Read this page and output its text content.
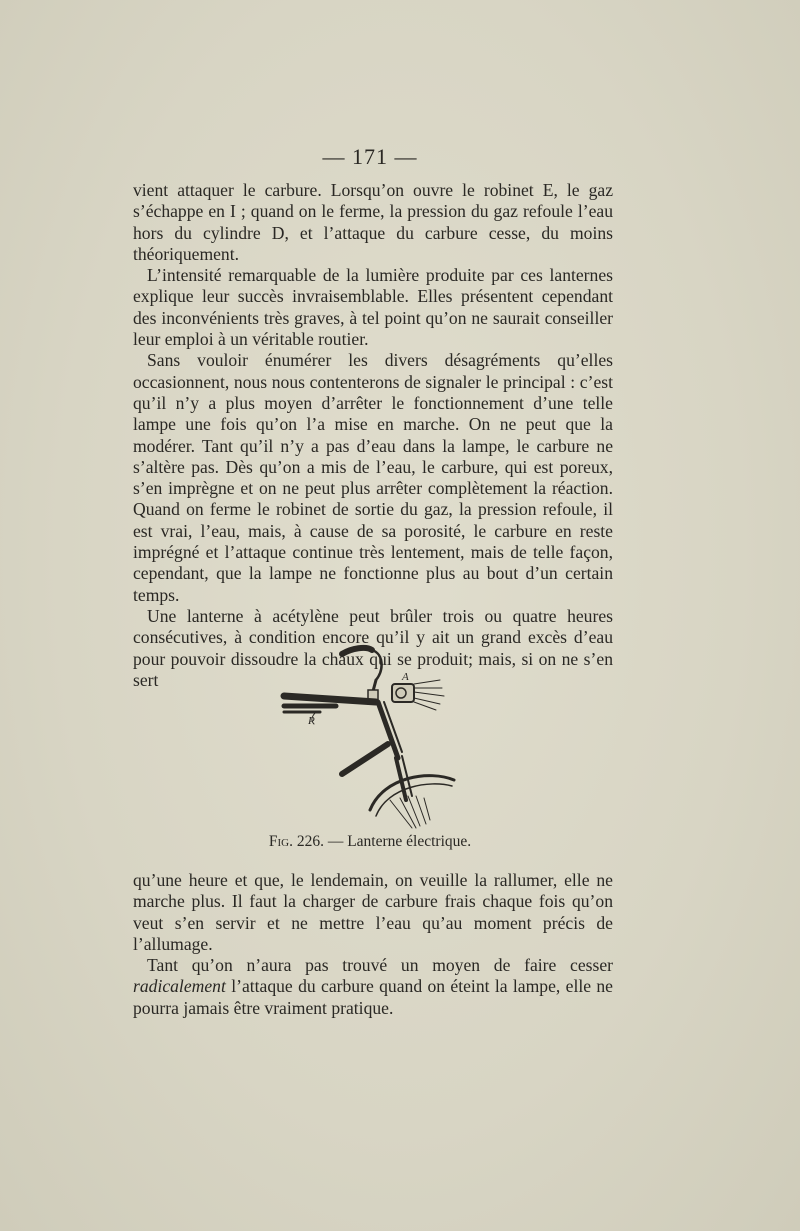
— 171 —

vient attaquer le carbure. Lorsqu’on ouvre le robinet E, le gaz s’échappe en I ; quand on le ferme, la pression du gaz refoule l’eau hors du cylindre D, et l’attaque du carbure cesse, du moins théoriquement.

L’intensité remarquable de la lumière produite par ces lanternes explique leur succès invraisemblable. Elles présentent cependant des inconvénients très graves, à tel point qu’on ne saurait conseiller leur emploi à un véritable routier.

Sans vouloir énumérer les divers désagréments qu’elles occasionnent, nous nous contenterons de signaler le principal : c’est qu’il n’y a plus moyen d’arrêter le fonctionnement d’une telle lampe une fois qu’on l’a mise en marche. On ne peut que la modérer. Tant qu’il n’y a pas d’eau dans la lampe, le carbure ne s’altère pas. Dès qu’on a mis de l’eau, le carbure, qui est poreux, s’en imprègne et on ne peut plus arrêter complètement la réaction. Quand on ferme le robinet de sortie du gaz, la pression refoule, il est vrai, l’eau, mais, à cause de sa porosité, le carbure en reste imprégné et l’attaque continue très lentement, mais de telle façon, cependant, que la lampe ne fonctionne plus au bout d’un certain temps.

Une lanterne à acétylène peut brûler trois ou quatre heures consécutives, à condition encore qu’il y ait un grand excès d’eau pour pouvoir dissoudre la chaux qui se produit; mais, si on ne s’en sert	A
P
Fig. 226. — Lanterne électrique.

qu’une heure et que, le lendemain, on veuille la rallumer, elle ne marche plus. Il faut la charger de carbure frais chaque fois qu’on veut s’en servir et ne mettre l’eau qu’au moment précis de l’allumage.

Tant qu’on n’aura pas trouvé un moyen de faire cesser radicalement l’attaque du carbure quand on éteint la lampe, elle ne pourra jamais être vraiment pratique.
